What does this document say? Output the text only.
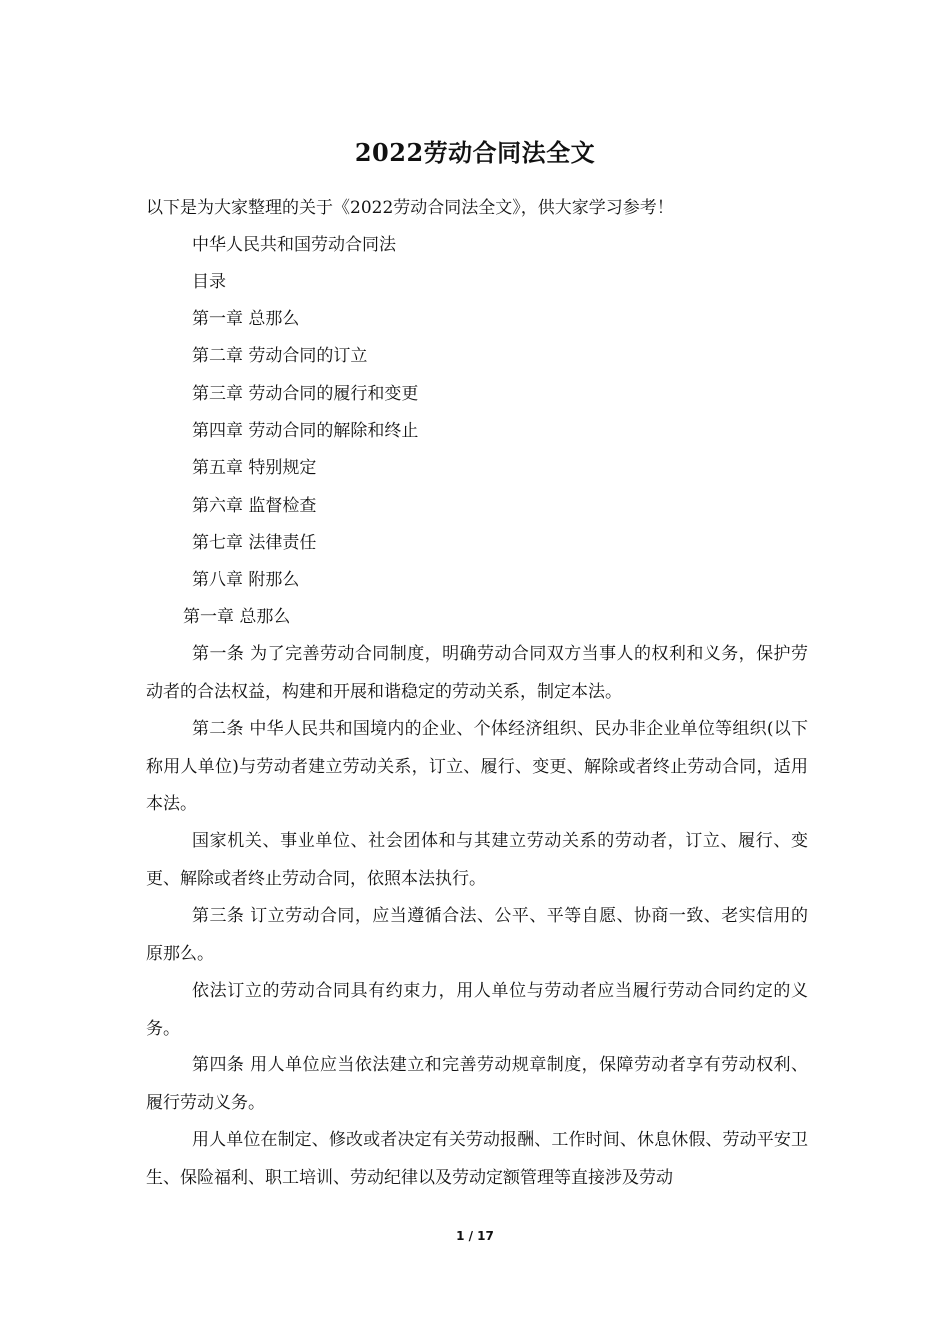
2022劳动合同法全文
以下是为大家整理的关于《2022劳动合同法全文》，供大家学习参考！
中华人民共和国劳动合同法
目录
第一章 总那么
第二章 劳动合同的订立
第三章 劳动合同的履行和变更
第四章 劳动合同的解除和终止
第五章 特别规定
第六章 监督检查
第七章 法律责任
第八章 附那么
第一章 总那么
第一条 为了完善劳动合同制度，明确劳动合同双方当事人的权利和义务，保护劳动者的合法权益，构建和开展和谐稳定的劳动关系，制定本法。
第二条 中华人民共和国境内的企业、个体经济组织、民办非企业单位等组织(以下称用人单位)与劳动者建立劳动关系，订立、履行、变更、解除或者终止劳动合同，适用本法。
国家机关、事业单位、社会团体和与其建立劳动关系的劳动者，订立、履行、变更、解除或者终止劳动合同，依照本法执行。
第三条 订立劳动合同，应当遵循合法、公平、平等自愿、协商一致、老实信用的原那么。
依法订立的劳动合同具有约束力，用人单位与劳动者应当履行劳动合同约定的义务。
第四条 用人单位应当依法建立和完善劳动规章制度，保障劳动者享有劳动权利、履行劳动义务。
用人单位在制定、修改或者决定有关劳动报酬、工作时间、休息休假、劳动平安卫生、保险福利、职工培训、劳动纪律以及劳动定额管理等直接涉及劳动
1 / 17
